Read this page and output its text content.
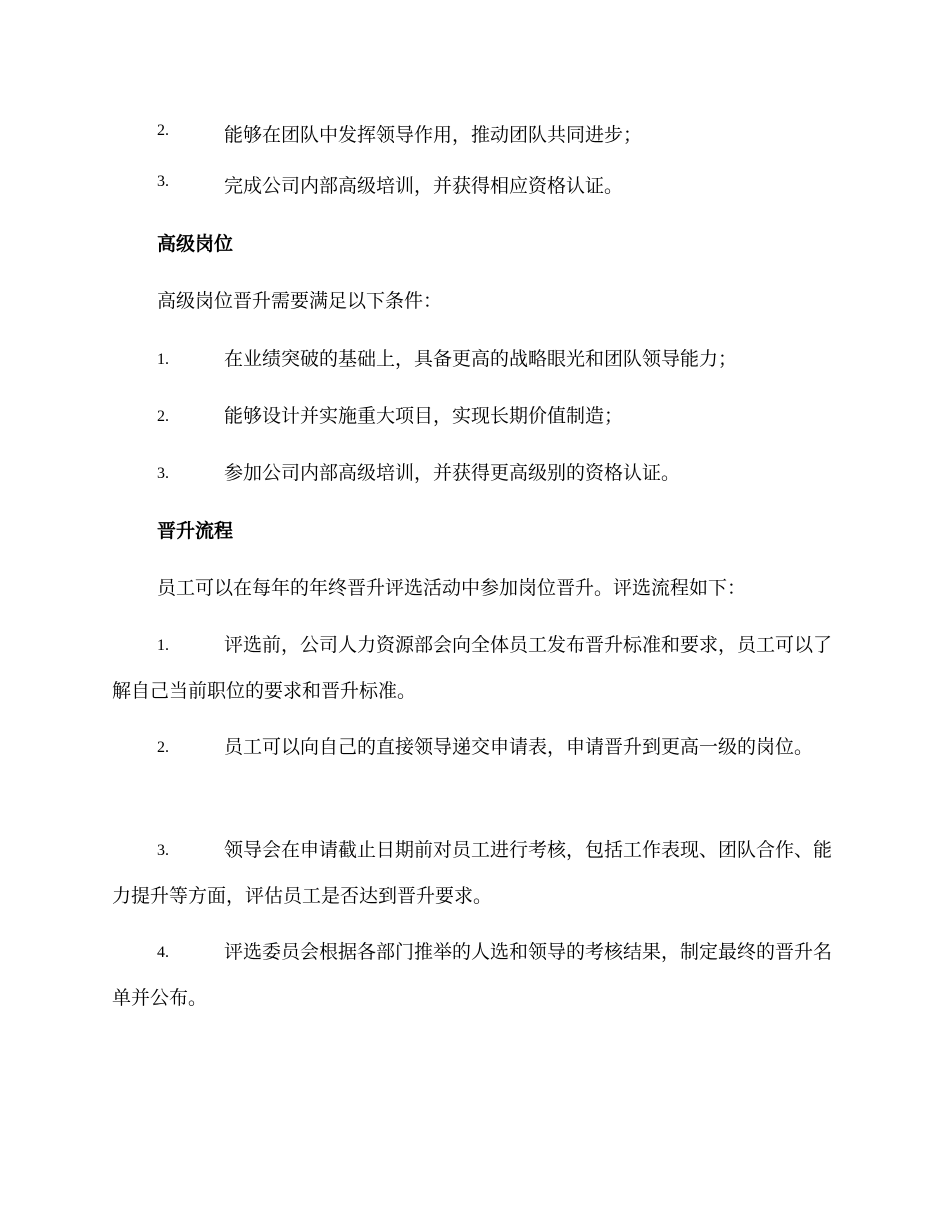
2.	能够在团队中发挥领导作用，推动团队共同进步；
3.	完成公司内部高级培训，并获得相应资格认证。
高级岗位
高级岗位晋升需要满足以下条件：
1.	在业绩突破的基础上，具备更高的战略眼光和团队领导能力；
2.	能够设计并实施重大项目，实现长期价值制造；
3.	参加公司内部高级培训，并获得更高级别的资格认证。
晋升流程
员工可以在每年的年终晋升评选活动中参加岗位晋升。评选流程如下：
1.	评选前，公司人力资源部会向全体员工发布晋升标准和要求，员工可以了解自己当前职位的要求和晋升标准。
2.	员工可以向自己的直接领导递交申请表，申请晋升到更高一级的岗位。
3.	领导会在申请截止日期前对员工进行考核，包括工作表现、团队合作、能力提升等方面，评估员工是否达到晋升要求。
4.	评选委员会根据各部门推举的人选和领导的考核结果，制定最终的晋升名单并公布。
